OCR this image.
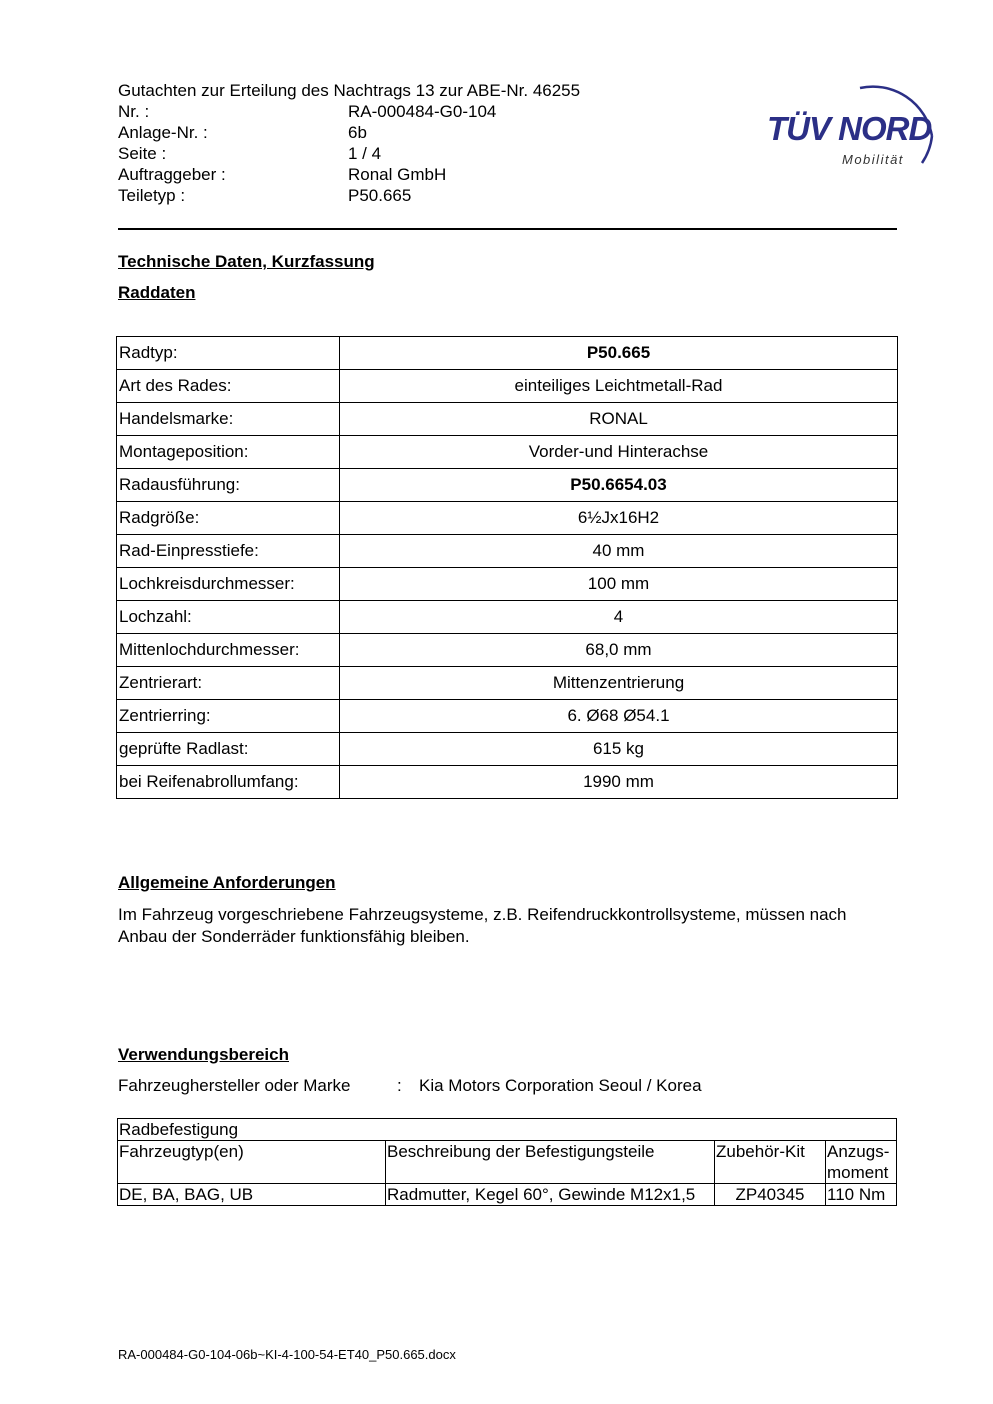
Gutachten zur Erteilung des Nachtrags 13 zur ABE-Nr. 46255
Nr. :	RA-000484-G0-104
Anlage-Nr. :	6b
Seite :	1 / 4
Auftraggeber :	Ronal GmbH
Teiletyp :	P50.665
TÜV NORD
Mobilität
Technische Daten, Kurzfassung
Raddaten
Radtyp:	P50.665
Art des Rades:	einteiliges Leichtmetall-Rad
Handelsmarke:	RONAL
Montageposition:	Vorder-und Hinterachse
Radausführung:	P50.6654.03
Radgröße:	6½Jx16H2
Rad-Einpresstiefe:	40 mm
Lochkreisdurchmesser:	100 mm
Lochzahl:	4
Mittenlochdurchmesser:	68,0 mm
Zentrierart:	Mittenzentrierung
Zentrierring:	6. Ø68 Ø54.1
geprüfte Radlast:	615 kg
bei Reifenabrollumfang:	1990 mm
Allgemeine Anforderungen
Im Fahrzeug vorgeschriebene Fahrzeugsysteme, z.B. Reifendruckkontrollsysteme, müssen nach Anbau der Sonderräder funktionsfähig bleiben.
Verwendungsbereich
Fahrzeughersteller oder Marke	:	Kia Motors Corporation Seoul / Korea
Radbefestigung			
Fahrzeugtyp(en)	Beschreibung der Befestigungsteile	Zubehör-Kit	Anzugs-
moment
DE, BA, BAG, UB	Radmutter, Kegel 60°, Gewinde M12x1,5	ZP40345	110 Nm
RA-000484-G0-104-06b~KI-4-100-54-ET40_P50.665.docx
